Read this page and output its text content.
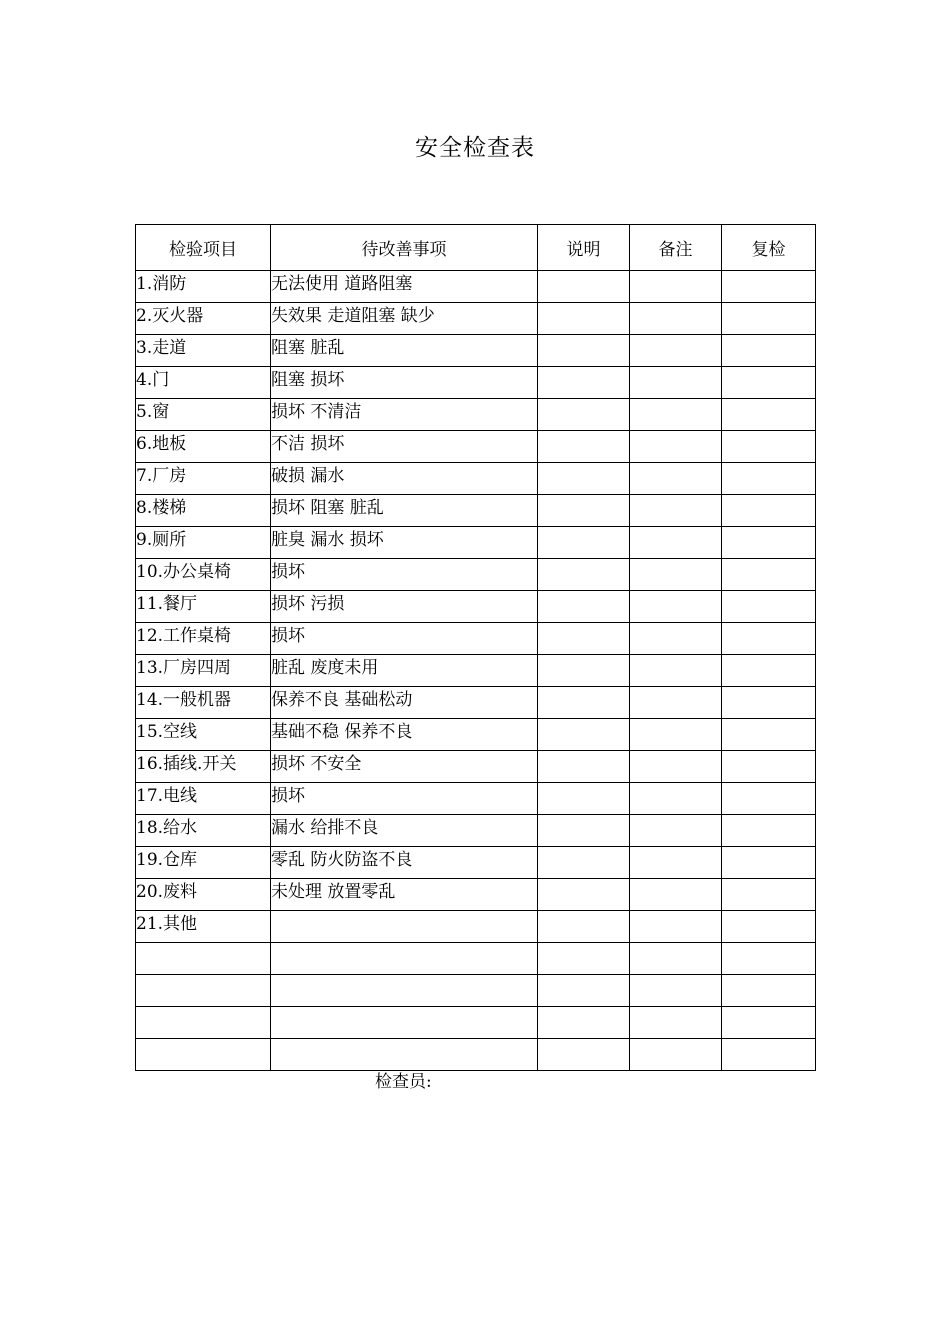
安全检查表
检验项目	待改善事项	说明	备注	复检
1.消防	无法使用 道路阻塞			
2.灭火器	失效果 走道阻塞 缺少			
3.走道	阻塞 脏乱			
4.门	阻塞 损坏			
5.窗	损坏 不清洁			
6.地板	不洁 损坏			
7.厂房	破损 漏水			
8.楼梯	损坏 阻塞 脏乱			
9.厕所	脏臭 漏水 损坏			
10.办公桌椅	损坏			
11.餐厅	损坏 污损			
12.工作桌椅	损坏			
13.厂房四周	脏乱 废度未用			
14.一般机器	保养不良 基础松动			
15.空线	基础不稳 保养不良			
16.插线.开关	损坏 不安全			
17.电线	损坏			
18.给水	漏水 给排不良			
19.仓库	零乱 防火防盗不良			
20.废料	未处理 放置零乱			
21.其他				

检查员:
